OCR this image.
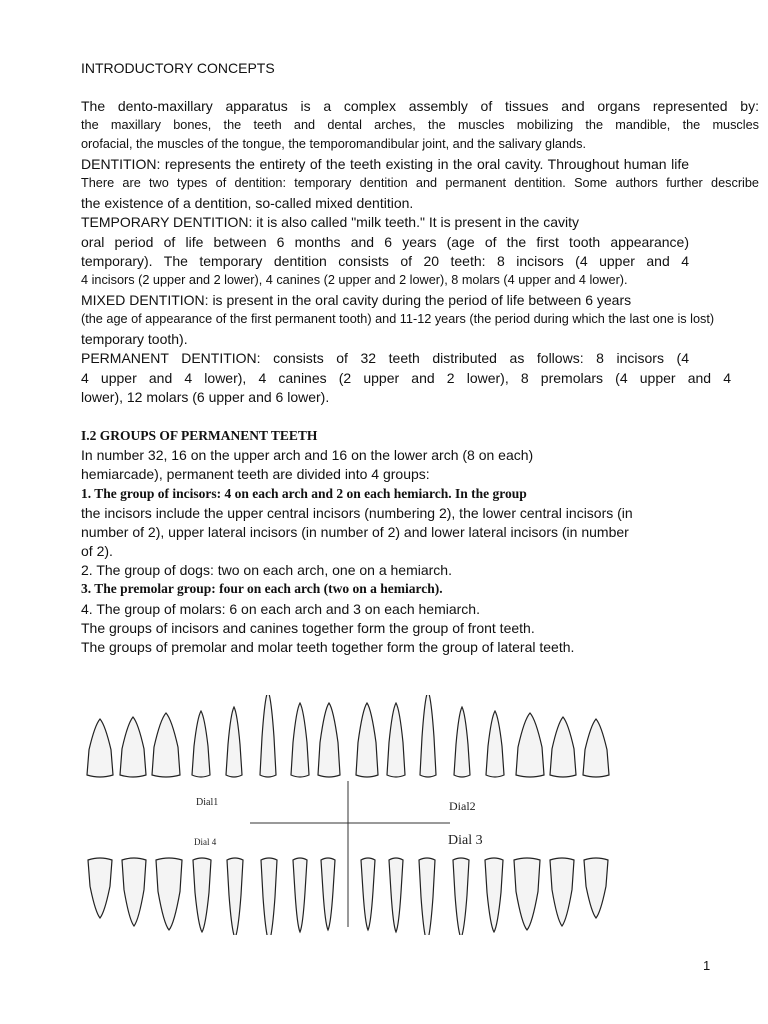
INTRODUCTORY CONCEPTS
The dento-maxillary apparatus is a complex assembly of tissues and organs represented by:
the maxillary bones, the teeth and dental arches, the muscles mobilizing the mandible, the muscles
orofacial, the muscles of the tongue, the temporomandibular joint, and the salivary glands.
DENTITION: represents the entirety of the teeth existing in the oral cavity. Throughout human life
There are two types of dentition: temporary dentition and permanent dentition. Some authors further describe
the existence of a dentition, so-called mixed dentition.
TEMPORARY DENTITION: it is also called "milk teeth." It is present in the cavity
oral period of life between 6 months and 6 years (age of the first tooth appearance)
temporary). The temporary dentition consists of 20 teeth: 8 incisors (4 upper and 4
4 incisors (2 upper and 2 lower), 4 canines (2 upper and 2 lower), 8 molars (4 upper and 4 lower).
MIXED DENTITION: is present in the oral cavity during the period of life between 6 years
(the age of appearance of the first permanent tooth) and 11-12 years (the period during which the last one is lost)
temporary tooth).
PERMANENT DENTITION: consists of 32 teeth distributed as follows: 8 incisors (4
4 upper and 4 lower), 4 canines (2 upper and 2 lower), 8 premolars (4 upper and 4
lower), 12 molars (6 upper and 6 lower).
I.2 GROUPS OF PERMANENT TEETH
In number 32, 16 on the upper arch and 16 on the lower arch (8 on each)
hemiarcade), permanent teeth are divided into 4 groups:
1. The group of incisors: 4 on each arch and 2 on each hemiarch. In the group
the incisors include the upper central incisors (numbering 2), the lower central incisors (in
number of 2), upper lateral incisors (in number of 2) and lower lateral incisors (in number
of 2).
2. The group of dogs: two on each arch, one on a hemiarch.
3. The premolar group: four on each arch (two on a hemiarch).
4. The group of molars: 6 on each arch and 3 on each hemiarch.
The groups of incisors and canines together form the group of front teeth.
The groups of premolar and molar teeth together form the group of lateral teeth.
Dial1	Dial2
Dial 4	Dial 3
1
